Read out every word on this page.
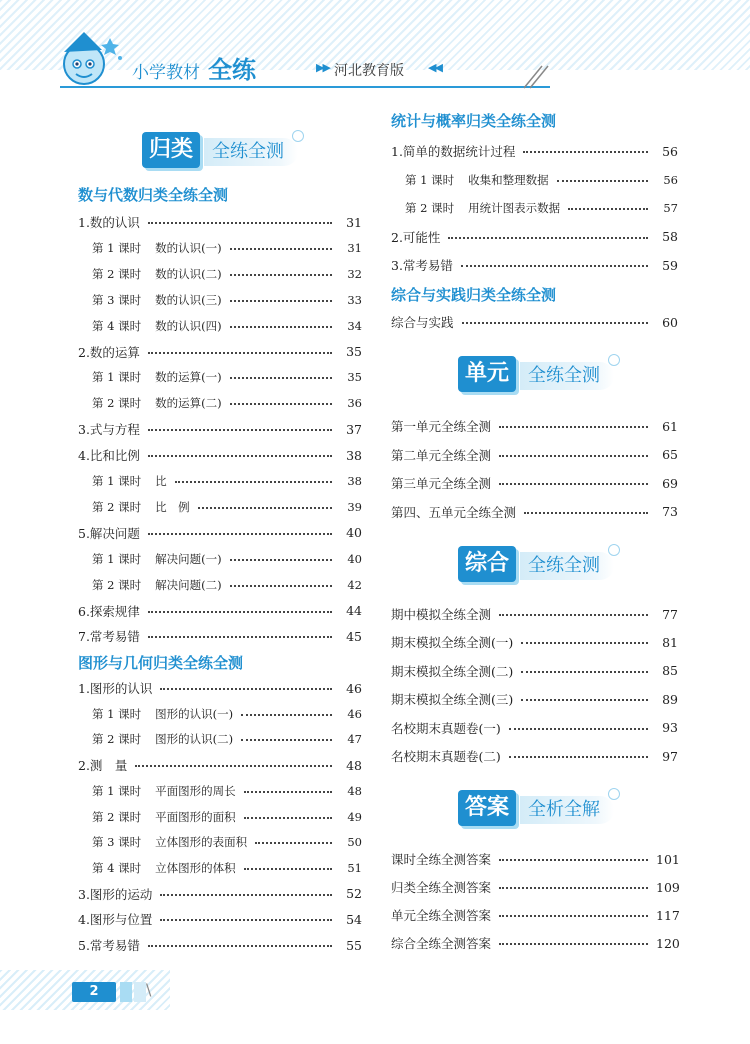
小学教材 全练	▶▶ 河北教育版 ◀◀
归类	全练全测
数与代数归类全练全测
1.数的认识	31
第 1 课时 数的认识(一)	31
第 2 课时 数的认识(二)	32
第 3 课时 数的认识(三)	33
第 4 课时 数的认识(四)	34
2.数的运算	35
第 1 课时 数的运算(一)	35
第 2 课时 数的运算(二)	36
3.式与方程	37
4.比和比例	38
第 1 课时 比	38
第 2 课时 比　例	39
5.解决问题	40
第 1 课时 解决问题(一)	40
第 2 课时 解决问题(二)	42
6.探索规律	44
7.常考易错	45
图形与几何归类全练全测
1.图形的认识	46
第 1 课时 图形的认识(一)	46
第 2 课时 图形的认识(二)	47
2.测　量	48
第 1 课时 平面图形的周长	48
第 2 课时 平面图形的面积	49
第 3 课时 立体图形的表面积	50
第 4 课时 立体图形的体积	51
3.图形的运动	52
4.图形与位置	54
5.常考易错	55
统计与概率归类全练全测
1.简单的数据统计过程	56
第 1 课时 收集和整理数据	56
第 2 课时 用统计图表示数据	57
2.可能性	58
3.常考易错	59
综合与实践归类全练全测
综合与实践	60
第一单元全练全测	61
第二单元全练全测	65
第三单元全练全测	69
第四、五单元全练全测	73
期中模拟全练全测	77
期末模拟全练全测(一)	81
期末模拟全练全测(二)	85
期末模拟全练全测(三)	89
名校期末真题卷(一)	93
名校期末真题卷(二)	97
课时全练全测答案	101
归类全练全测答案	109
单元全练全测答案	117
综合全练全测答案	120
单元	全练全测
综合	全练全测
答案	全析全解
2	\
